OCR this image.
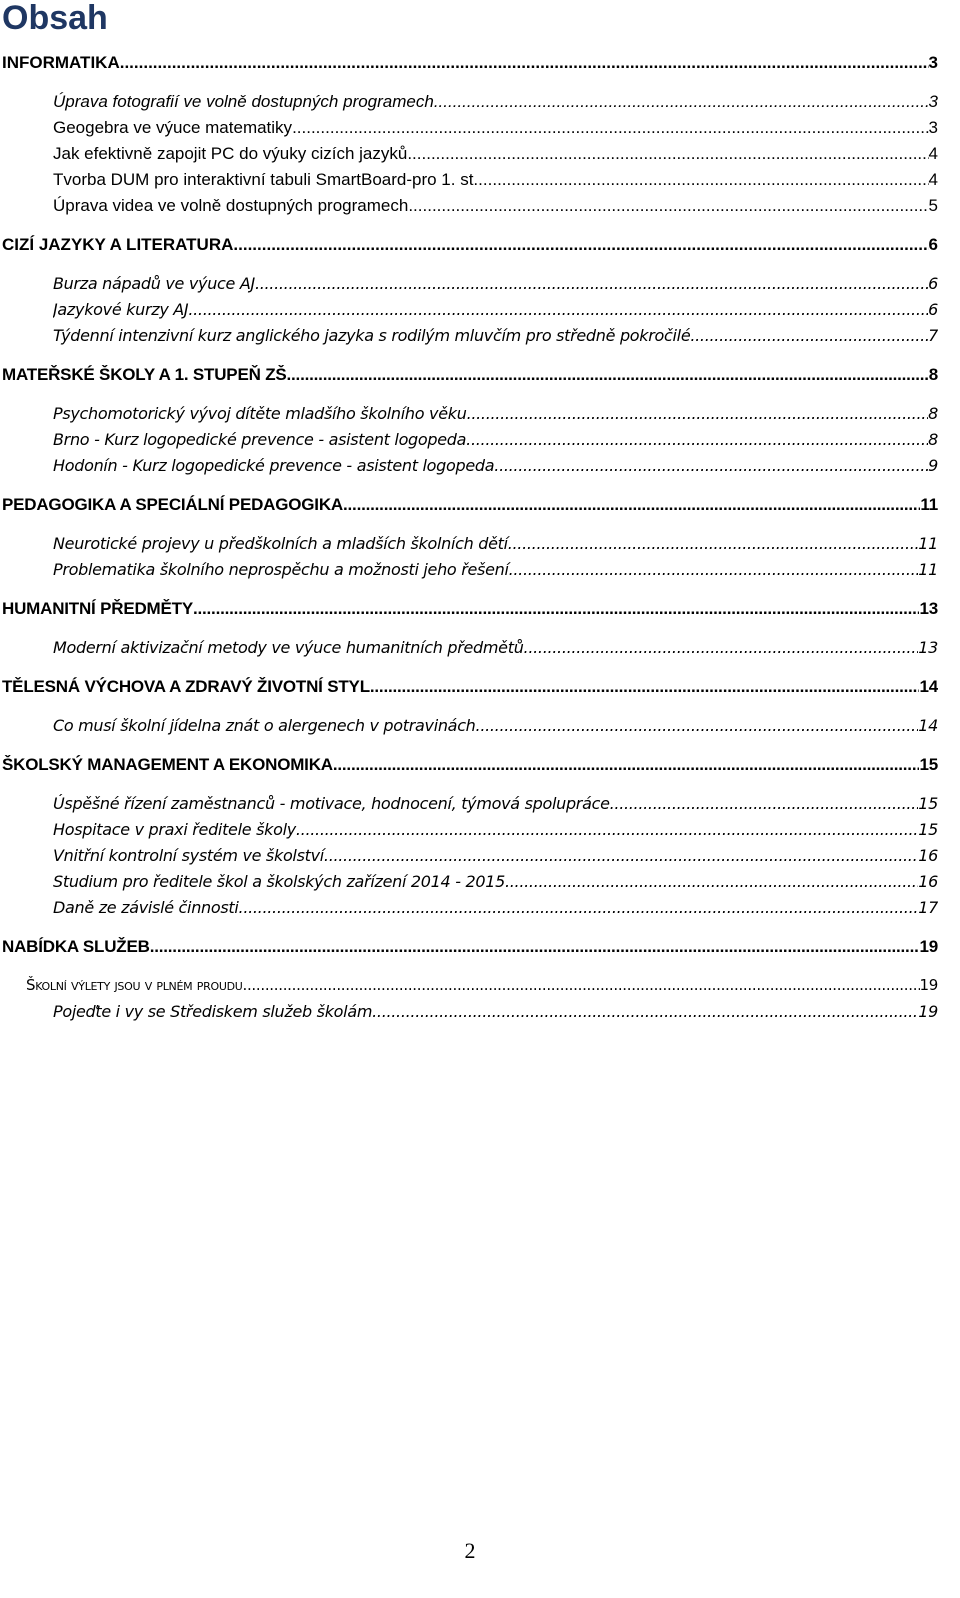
Obsah
INFORMATIKA .....	3
Úprava fotografií ve volně dostupných programech .....	3
Geogebra ve výuce matematiky .....	3
Jak efektivně zapojit PC do výuky cizích jazyků .....	4
Tvorba DUM pro interaktivní tabuli SmartBoard-pro 1. st. .....	4
Úprava videa ve volně dostupných programech .....	5
CIZÍ JAZYKY A LITERATURA .....	6
Burza nápadů ve výuce AJ .....	6
Jazykové kurzy AJ .....	6
Týdenní intenzivní kurz anglického jazyka s rodilým mluvčím pro středně pokročilé .....	7
MATEŘSKÉ ŠKOLY A 1. STUPEŇ ZŠ .....	8
Psychomotorický vývoj dítěte mladšího školního věku .....	8
Brno - Kurz logopedické prevence - asistent logopeda .....	8
Hodonín - Kurz logopedické prevence - asistent logopeda .....	9
PEDAGOGIKA A SPECIÁLNÍ PEDAGOGIKA .....	11
Neurotické projevy u předškolních a mladších školních dětí .....	11
Problematika školního neprospěchu a možnosti jeho řešení .....	11
HUMANITNÍ PŘEDMĚTY .....	13
Moderní aktivizační metody ve výuce humanitních předmětů .....	13
TĚLESNÁ VÝCHOVA A ZDRAVÝ ŽIVOTNÍ STYL .....	14
Co musí školní jídelna znát o alergenech v potravinách .....	14
ŠKOLSKÝ MANAGEMENT A EKONOMIKA .....	15
Úspěšné řízení zaměstnanců - motivace, hodnocení, týmová spolupráce .....	15
Hospitace v praxi ředitele školy .....	15
Vnitřní kontrolní systém ve školství .....	16
Studium pro ředitele škol a školských zařízení 2014 - 2015 .....	16
Daně ze závislé činnosti .....	17
NABÍDKA SLUŽEB .....	19
Školní výlety jsou v plném proudu. .....	19
Pojeďte i vy se Střediskem služeb školám. .....	19
2
